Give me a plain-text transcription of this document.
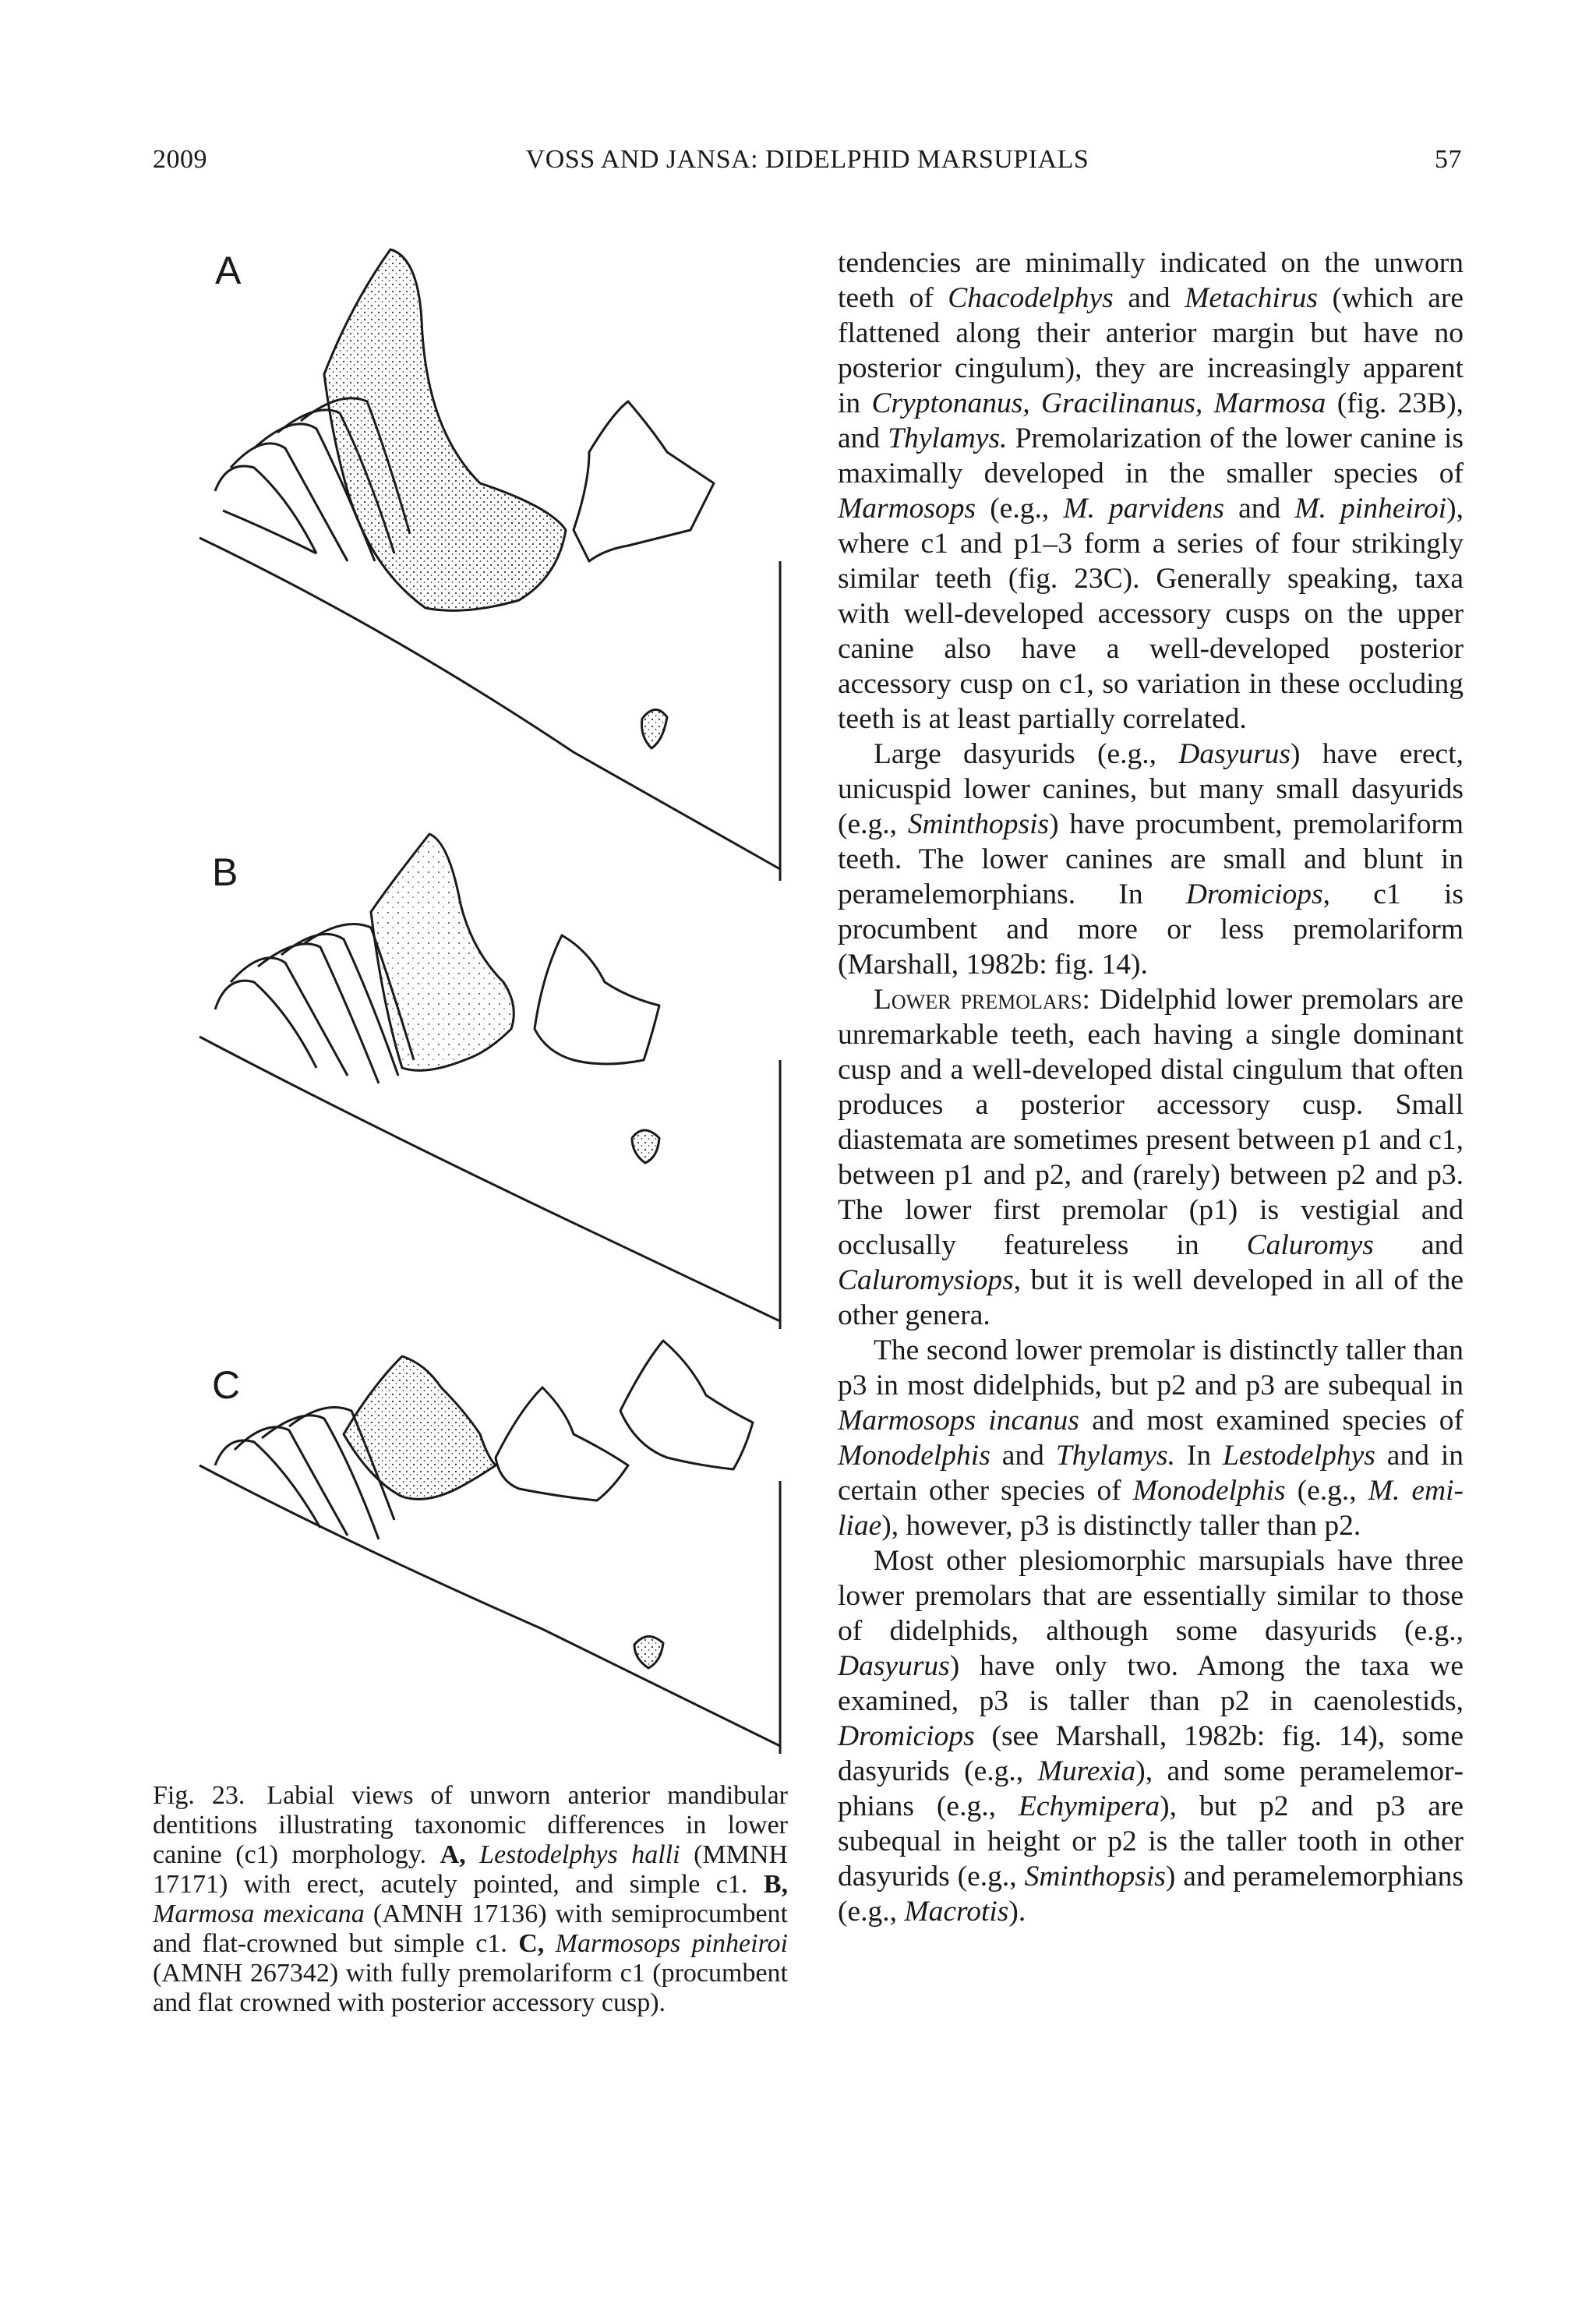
2009	VOSS AND JANSA: DIDELPHID MARSUPIALS	57
A
B
C
Fig. 23. Labial views of unworn anterior mandibular dentitions illustrating taxonomic differences in lower canine (c1) morphology. A, Lestodelphys halli (MMNH 17171) with erect, acutely pointed, and simple c1. B, Marmosa mexicana (AMNH 17136) with semiprocumbent and flat-crowned but simple c1. C, Marmosops pinheiroi (AMNH 267342) with fully premolariform c1 (procumbent and flat crowned with posterior accessory cusp).

tendencies are minimally indicated on the unworn teeth of Chacodelphys and Metachirus (which are flattened along their anterior margin but have no posterior cingulum), they are increasingly apparent in Cryptonanus, Gracilinanus, Marmosa (fig. 23B), and Thylamys. Premolarization of the lower canine is maximally developed in the smaller species of Marmosops (e.g., M. parvidens and M. pinheiroi), where c1 and p1–3 form a series of four strikingly similar teeth (fig. 23C). Generally speaking, taxa with well-developed accessory cusps on the upper canine also have a well-developed posterior accessory cusp on c1, so variation in these occluding teeth is at least partially correlated.

Large dasyurids (e.g., Dasyurus) have erect, unicuspid lower canines, but many small dasyurids (e.g., Sminthopsis) have procumbent, premolariform teeth. The lower canines are small and blunt in peramelemorphians. In Dromiciops, c1 is procumbent and more or less premolariform (Marshall, 1982b: fig. 14).

Lower premolars: Didelphid lower premolars are unremarkable teeth, each having a single dominant cusp and a well-developed distal cingulum that often produces a posterior accessory cusp. Small diastemata are sometimes present between p1 and c1, between p1 and p2, and (rarely) between p2 and p3. The lower first premolar (p1) is vestigial and occlusally featureless in Caluromys and Caluromysiops, but it is well developed in all of the other genera.

The second lower premolar is distinctly taller than p3 in most didelphids, but p2 and p3 are subequal in Marmosops incanus and most examined species of Monodelphis and Thylamys. In Lestodelphys and in certain other species of Monodelphis (e.g., M. emiliae), however, p3 is distinctly taller than p2.

Most other plesiomorphic marsupials have three lower premolars that are essentially similar to those of didelphids, although some dasyurids (e.g., Dasyurus) have only two. Among the taxa we examined, p3 is taller than p2 in caenolestids, Dromiciops (see Marshall, 1982b: fig. 14), some dasyurids (e.g., Murexia), and some peramelemorphians (e.g., Echymipera), but p2 and p3 are subequal in height or p2 is the taller tooth in other dasyurids (e.g., Sminthopsis) and peramelemorphians (e.g., Macrotis).
